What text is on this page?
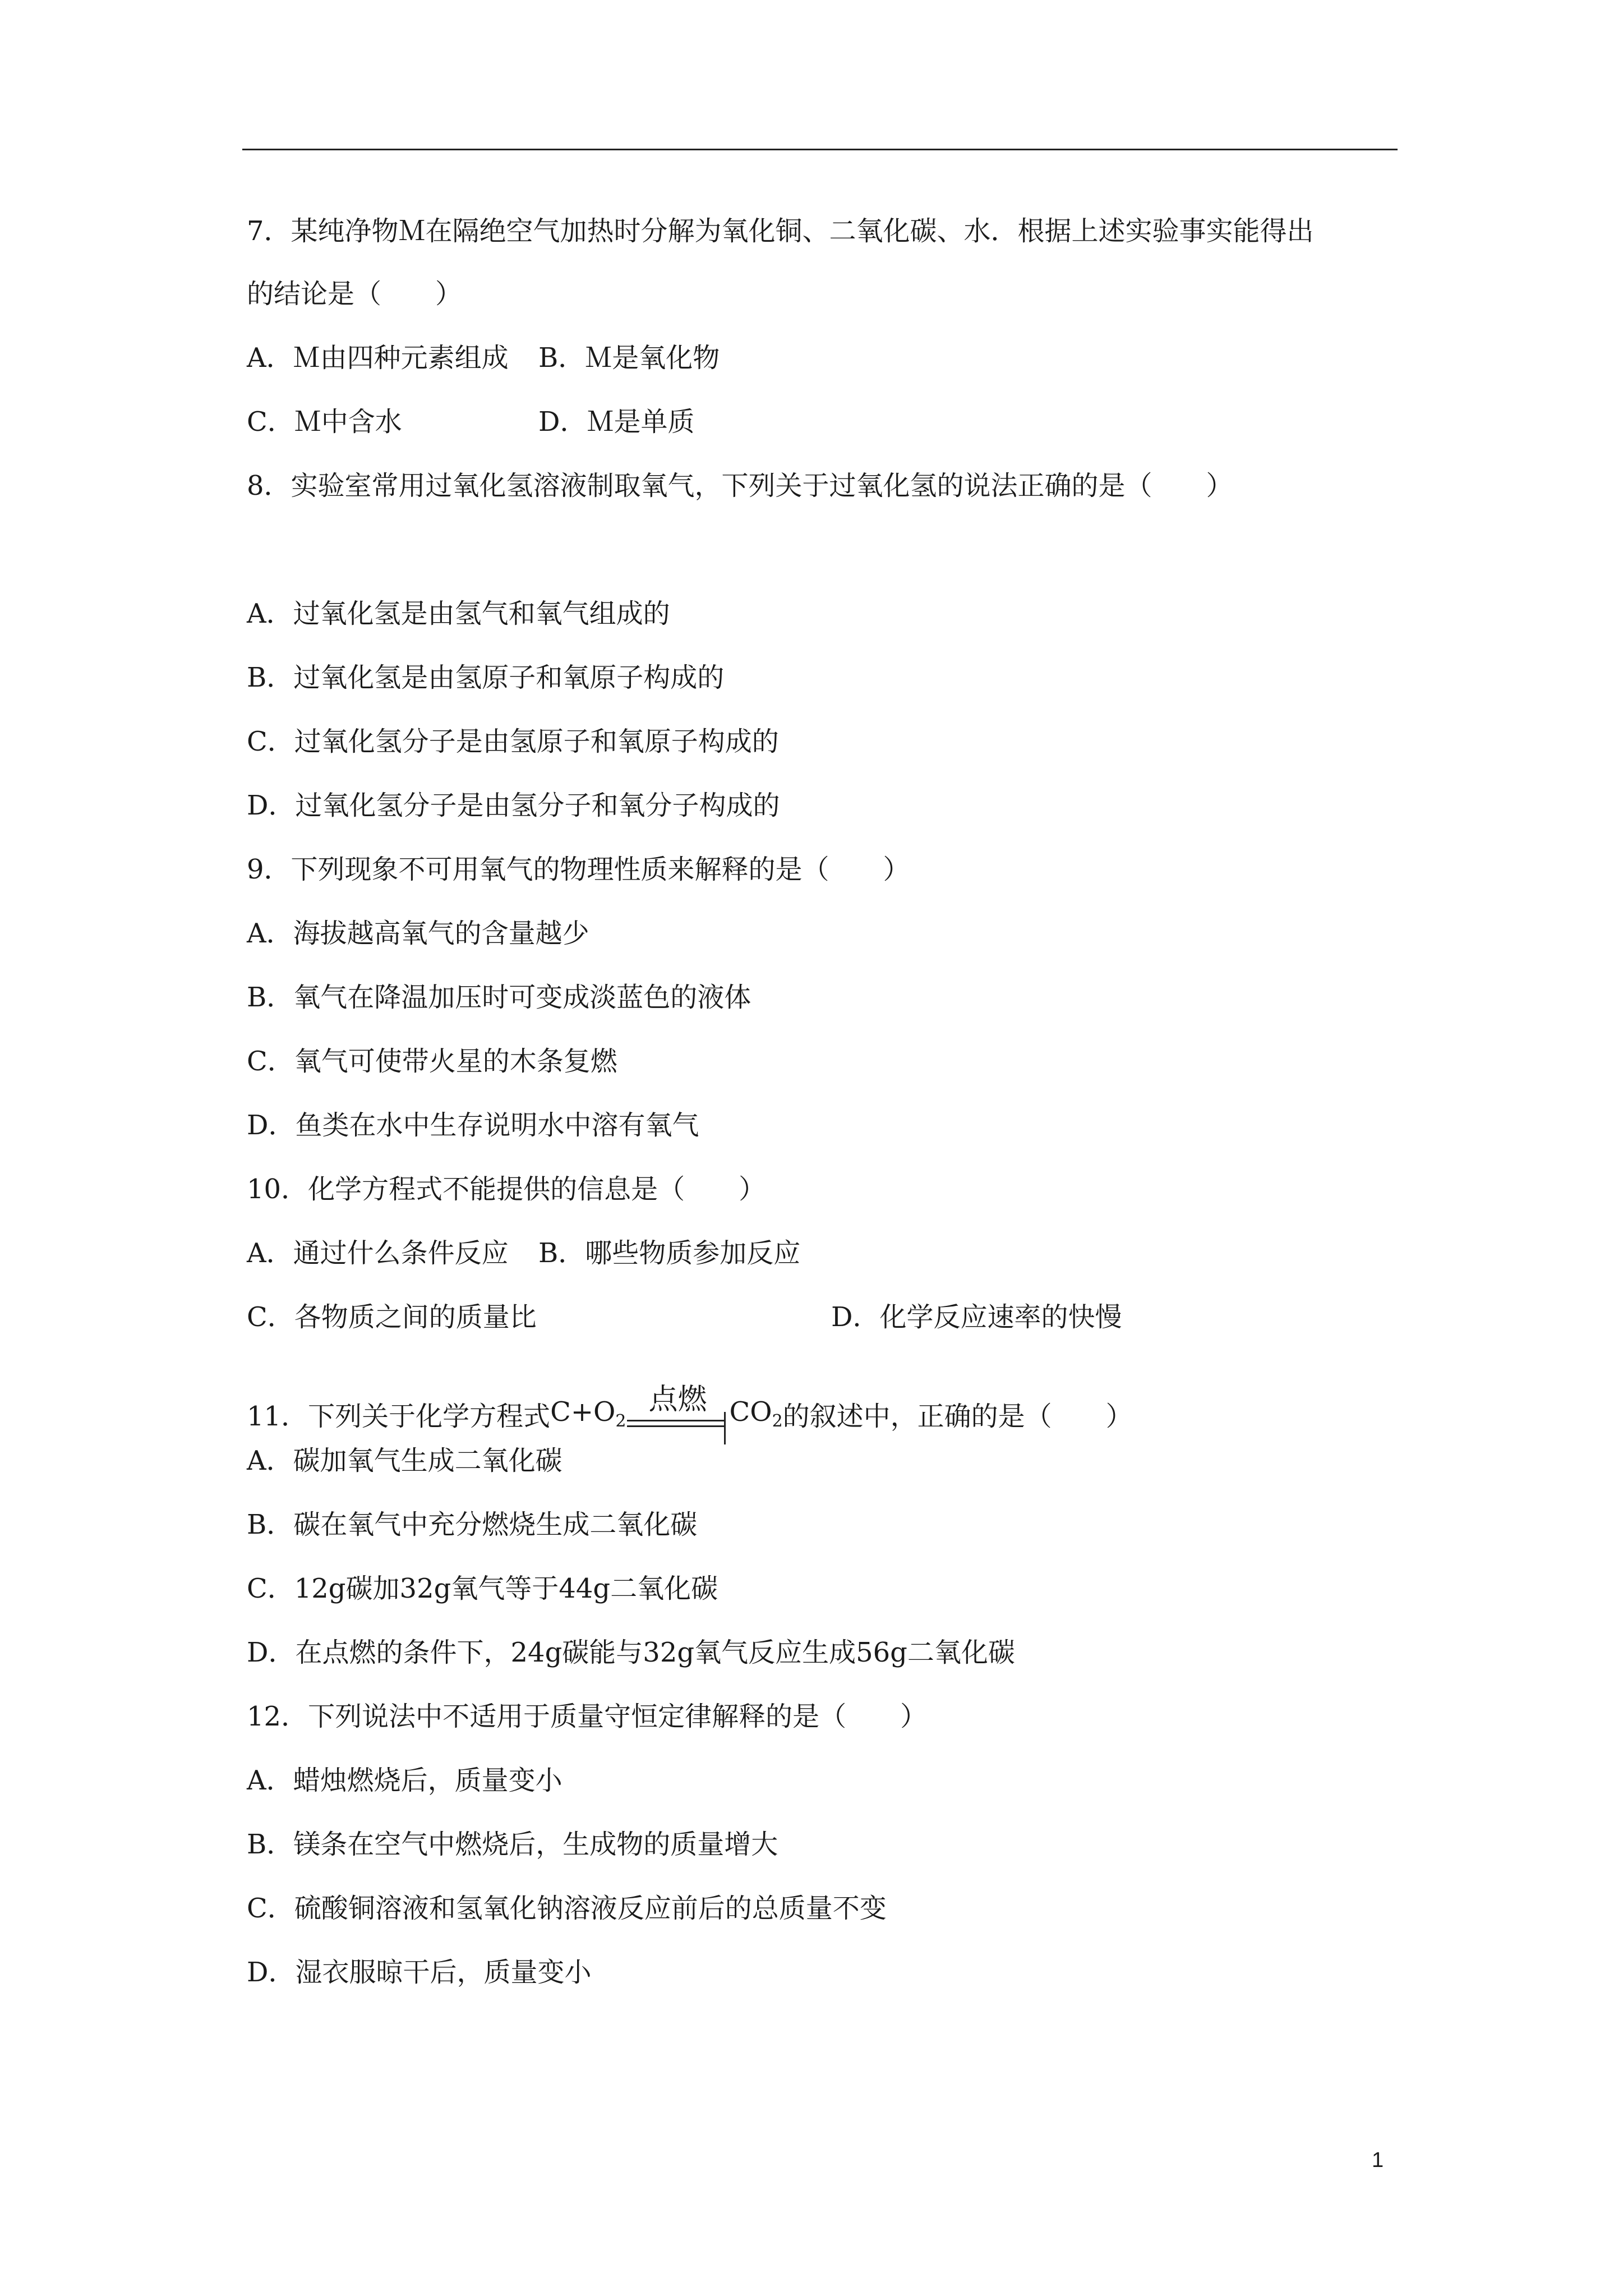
7．某纯净物Ｍ在隔绝空气加热时分解为氧化铜、二氧化碳、水．根据上述实验事实能得出
的结论是（　　）
A．Ｍ由四种元素组成 B．Ｍ是氧化物
C．Ｍ中含水	D．Ｍ是单质
8．实验室常用过氧化氢溶液制取氧气，下列关于过氧化氢的说法正确的是（　　）
A．过氧化氢是由氢气和氧气组成的
B．过氧化氢是由氢原子和氧原子构成的
C．过氧化氢分子是由氢原子和氧原子构成的
D．过氧化氢分子是由氢分子和氧分子构成的
9．下列现象不可用氧气的物理性质来解释的是（　　）
A．海拔越高氧气的含量越少
B．氧气在降温加压时可变成淡蓝色的液体
C．氧气可使带火星的木条复燃
D．鱼类在水中生存说明水中溶有氧气
10．化学方程式不能提供的信息是（　　）
A．通过什么条件反应 B．哪些物质参加反应
C．各物质之间的质量比	D．化学反应速率的快慢
11．下列关于化学方程式 $C+O_2$

点燃

$CO_2$ 的叙述中，正确的是（　　）
A．碳加氧气生成二氧化碳
B．碳在氧气中充分燃烧生成二氧化碳
C．12g碳加32g氧气等于44g二氧化碳
D．在点燃的条件下，24g碳能与32g氧气反应生成56g二氧化碳
12．下列说法中不适用于质量守恒定律解释的是（　　）
A．蜡烛燃烧后，质量变小
B．镁条在空气中燃烧后，生成物的质量增大
C．硫酸铜溶液和氢氧化钠溶液反应前后的总质量不变
D．湿衣服晾干后，质量变小
1
